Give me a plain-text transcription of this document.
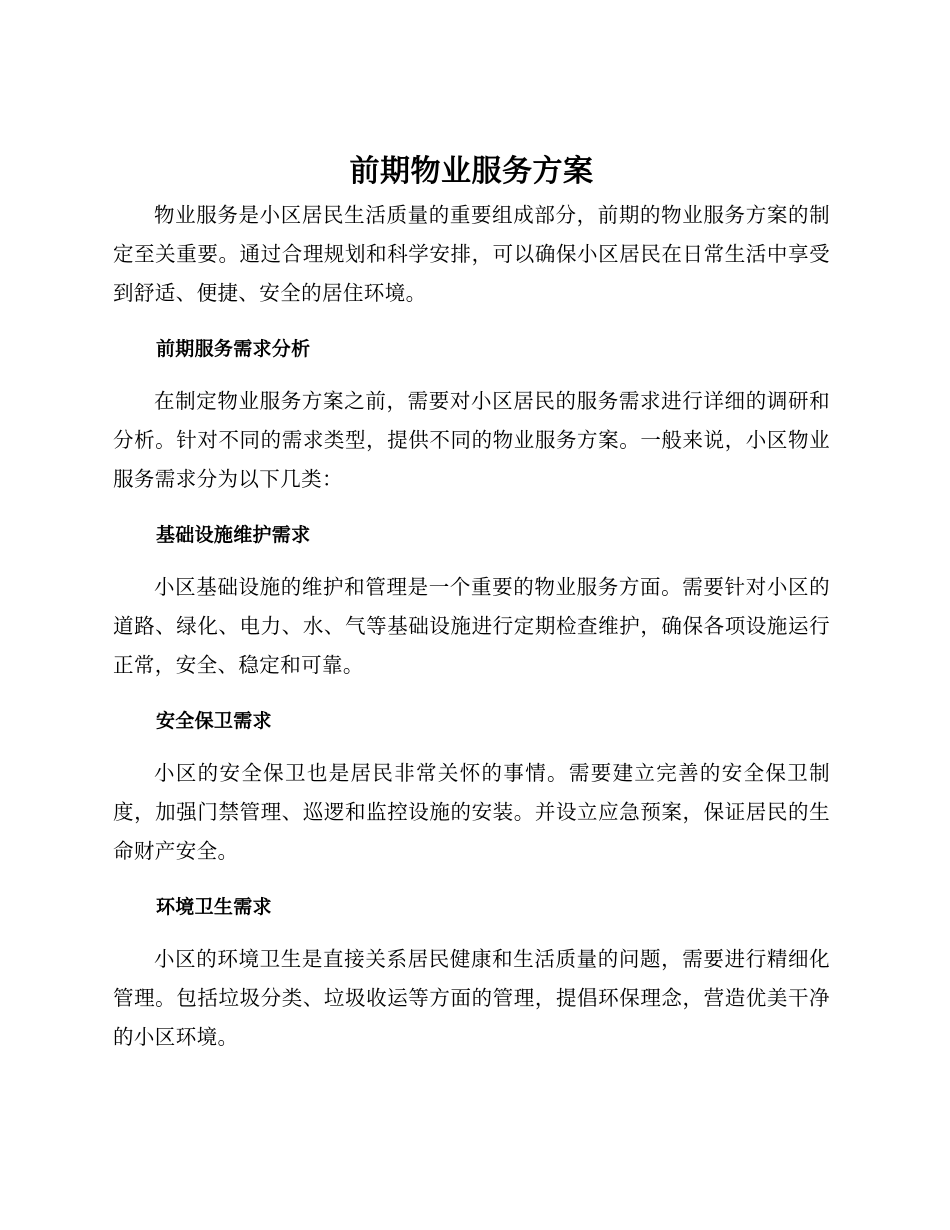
前期物业服务方案

物业服务是小区居民生活质量的重要组成部分，前期的物业服务方案的制定至关重要。通过合理规划和科学安排，可以确保小区居民在日常生活中享受到舒适、便捷、安全的居住环境。

前期服务需求分析

在制定物业服务方案之前，需要对小区居民的服务需求进行详细的调研和分析。针对不同的需求类型，提供不同的物业服务方案。一般来说，小区物业服务需求分为以下几类：

基础设施维护需求

小区基础设施的维护和管理是一个重要的物业服务方面。需要针对小区的道路、绿化、电力、水、气等基础设施进行定期检查维护，确保各项设施运行正常，安全、稳定和可靠。

安全保卫需求

小区的安全保卫也是居民非常关怀的事情。需要建立完善的安全保卫制度，加强门禁管理、巡逻和监控设施的安装。并设立应急预案，保证居民的生命财产安全。

环境卫生需求

小区的环境卫生是直接关系居民健康和生活质量的问题，需要进行精细化管理。包括垃圾分类、垃圾收运等方面的管理，提倡环保理念，营造优美干净的小区环境。
